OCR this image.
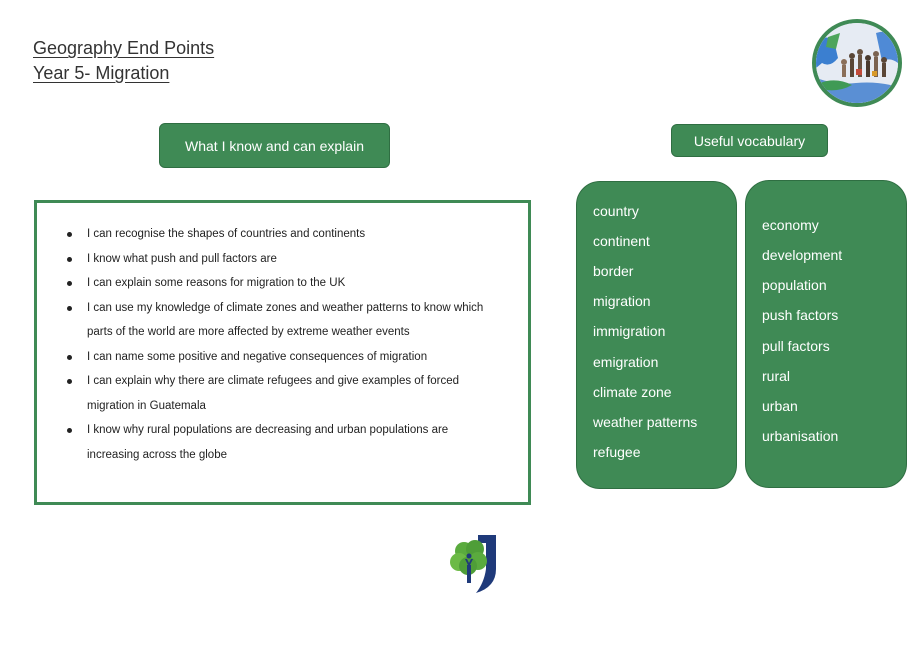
Geography End Points
Year 5- Migration
What I know and can explain	Useful vocabulary
I can recognise the shapes of countries and continents
I know what push and pull factors are
I can explain some reasons for migration to the UK
I can use my knowledge of climate zones and weather patterns to know which
parts of the world are more affected by extreme weather events
I can name some positive and negative consequences of migration
I can explain why there are climate refugees and give examples of forced
migration in Guatemala
I know why rural populations are decreasing and urban populations are
increasing across the globe
country
continent
border
migration
immigration
emigration
climate zone
weather patterns
refugee
economy
development
population
push factors
pull factors
rural
urban
urbanisation
